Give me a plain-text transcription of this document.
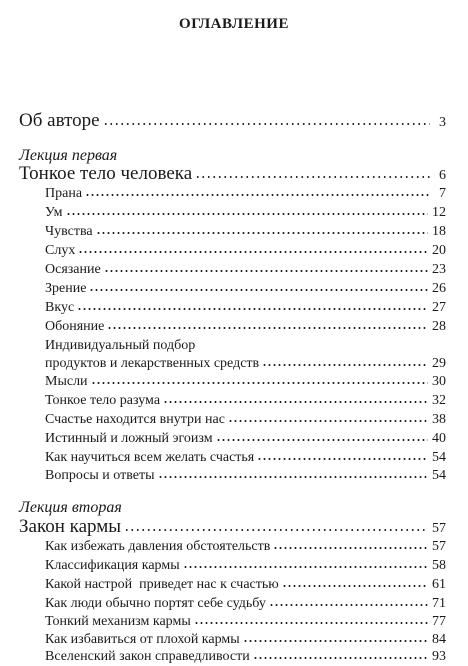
ОГЛАВЛЕНИЕ
Об авторе	3
Лекция первая
Тонкое тело человека	6
Прана	7
Ум	12
Чувства	18
Слух	20
Осязание	23
Зрение	26
Вкус	27
Обоняние	28
Индивидуальный подбор
продуктов и лекарственных средств	29
Мысли	30
Тонкое тело разума	32
Счастье находится внутри нас	38
Истинный и ложный эгоизм	40
Как научиться всем желать счастья	54
Вопросы и ответы	54
Лекция вторая
Закон кармы	57
Как избежать давления обстоятельств	57
Классификация кармы	58
Какой настрой  приведет нас к счастью	61
Как люди обычно портят себе судьбу	71
Тонкий механизм кармы	77
Как избавиться от плохой кармы	84
Вселенский закон справедливости	93
